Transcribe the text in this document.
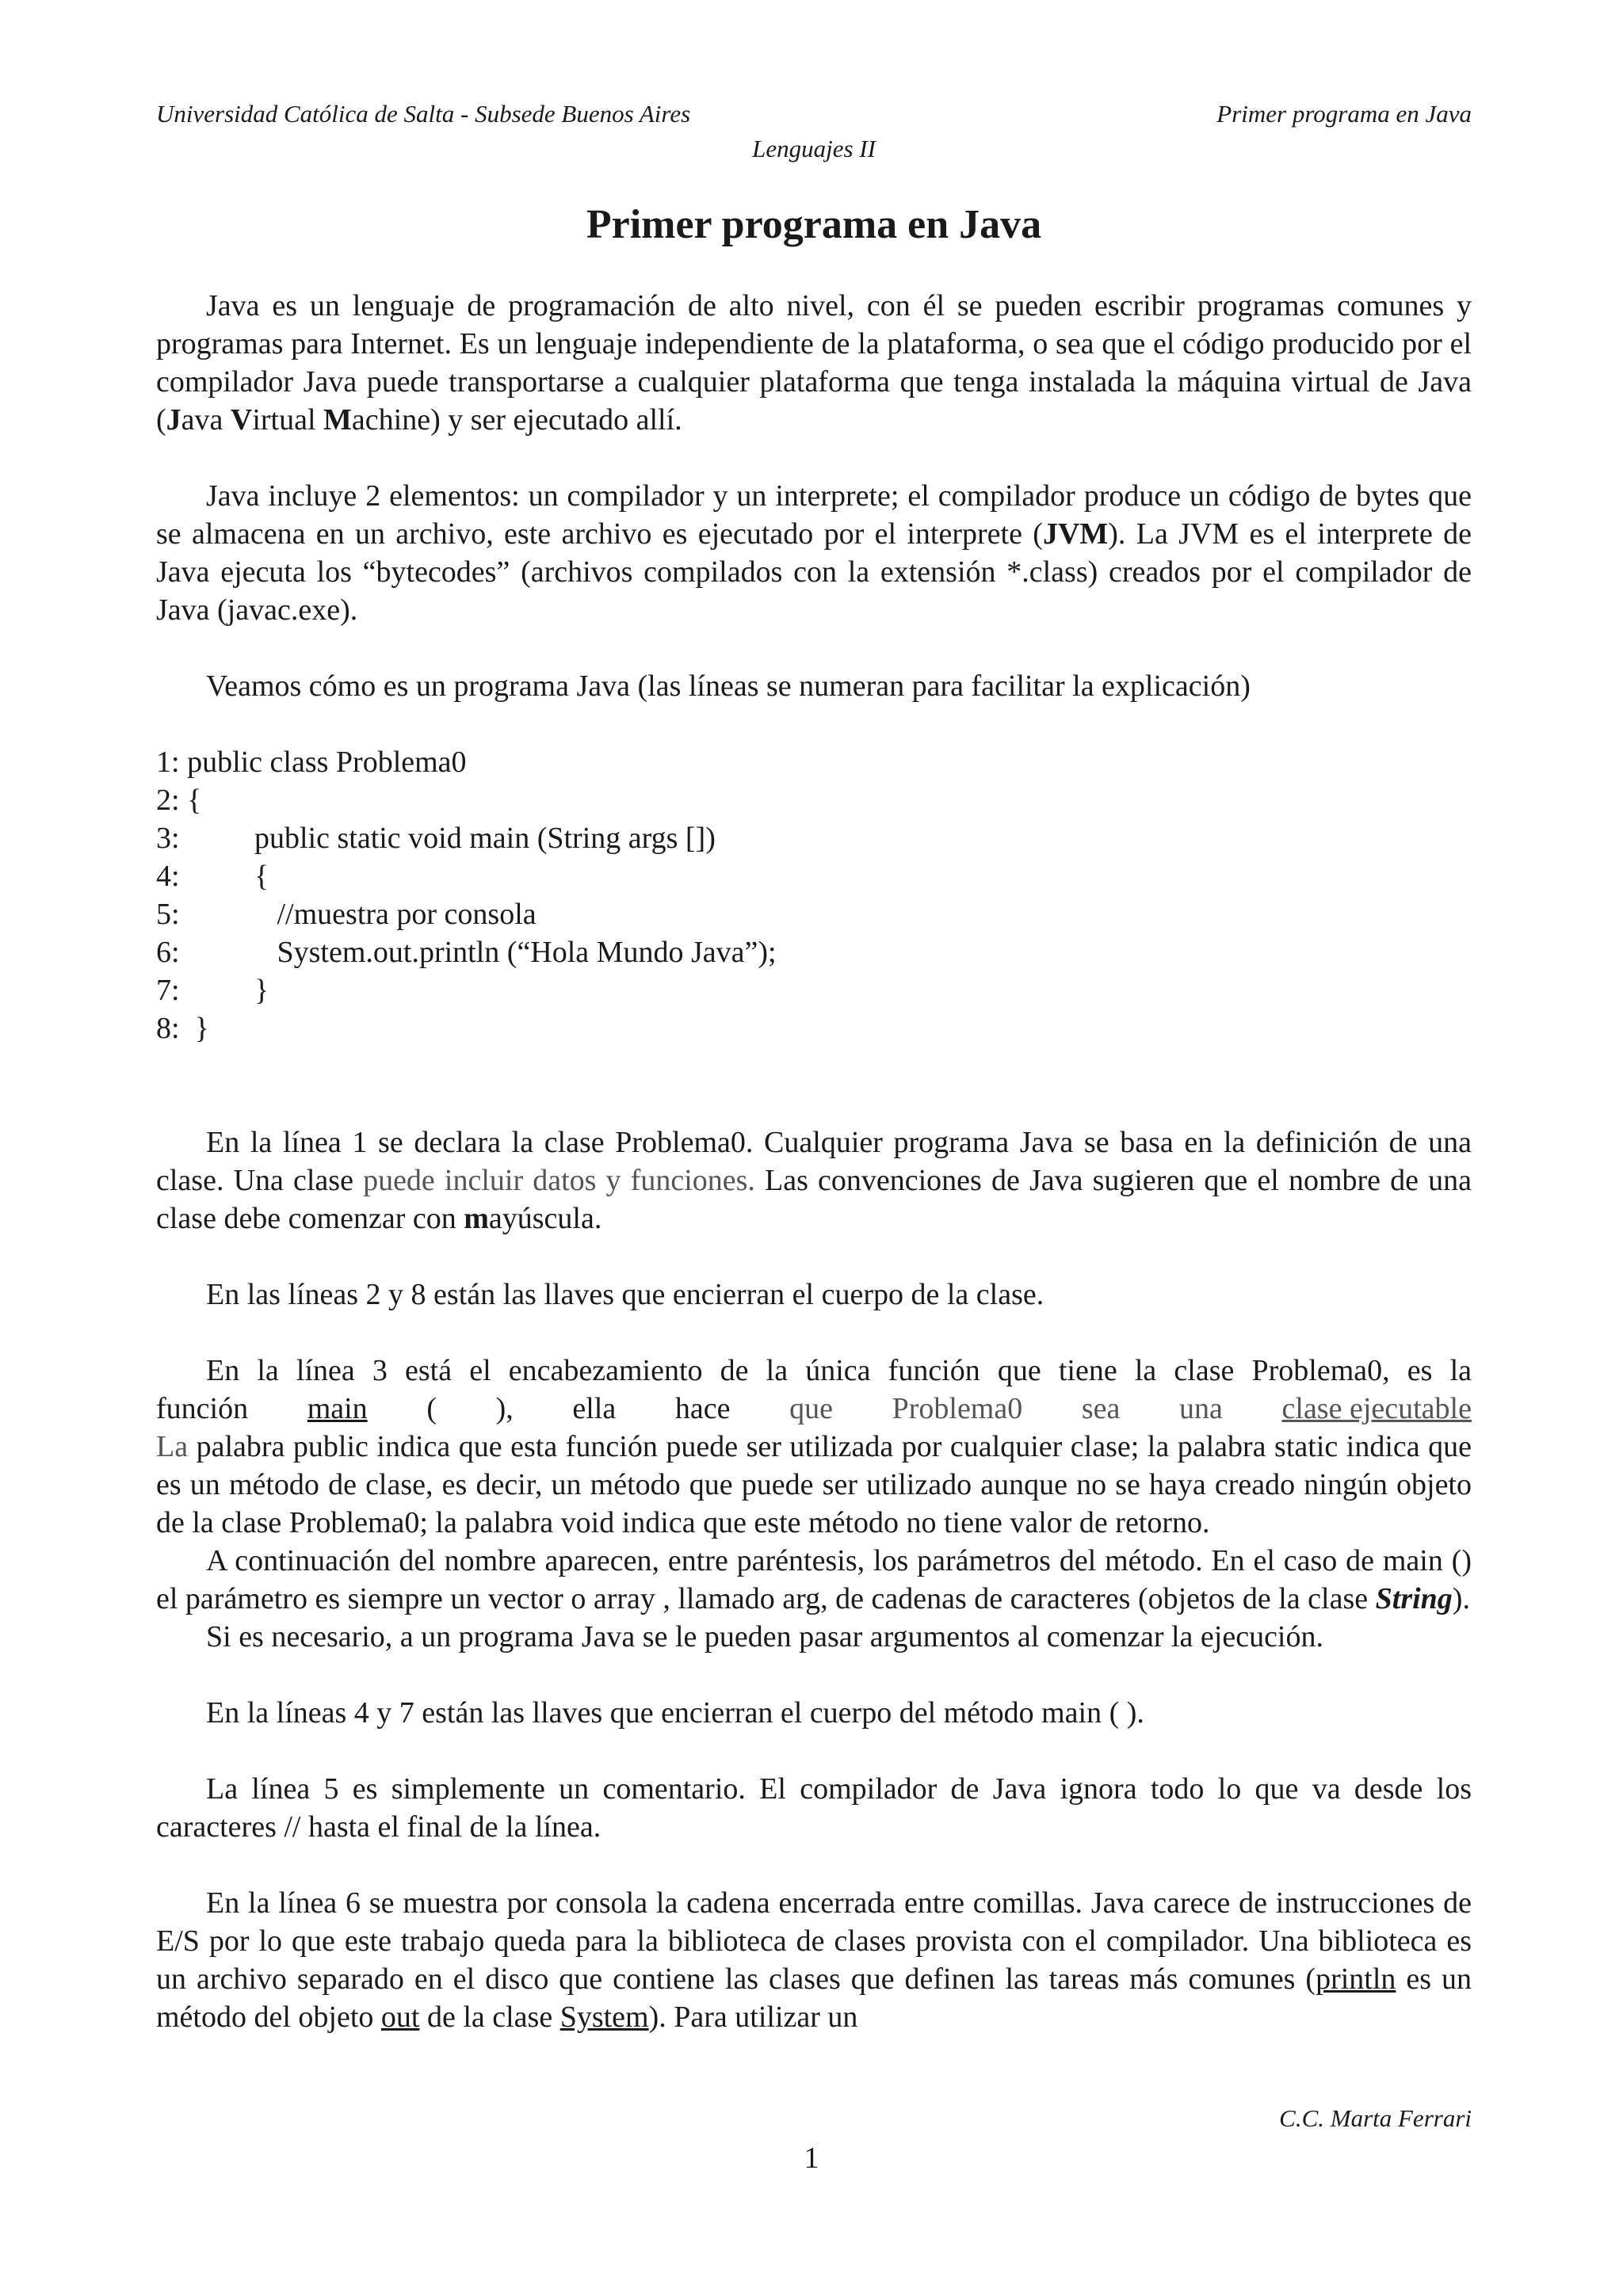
Universidad Católica de Salta - Subsede Buenos Aires	Primer programa en Java
Lenguajes II
Primer programa en Java

Java es un lenguaje de programación de alto nivel, con él se pueden escribir programas comunes y programas para Internet. Es un lenguaje independiente de la plataforma, o sea que el código producido por el compilador Java puede transportarse a cualquier plataforma que tenga instalada la máquina virtual de Java (Java Virtual Machine) y ser ejecutado allí.

Java incluye 2 elementos: un compilador y un interprete; el compilador produce un código de bytes que se almacena en un archivo, este archivo es ejecutado por el interprete (JVM). La JVM es el interprete de Java ejecuta los “bytecodes” (archivos compilados con la extensión *.class) creados por el compilador de Java (javac.exe).

Veamos cómo es un programa Java (las líneas se numeran para facilitar la explicación)

1: public class Problema0
2: {
3:	public static void main (String args [])
4:	{
5:	//muestra por consola
6:	System.out.println (“Hola Mundo Java”);
7:	}
8: }

En la línea 1 se declara la clase Problema0. Cualquier programa Java se basa en la definición de una clase. Una clase puede incluir datos y funciones. Las convenciones de Java sugieren que el nombre de una clase debe comenzar con mayúscula.

En las líneas 2 y 8 están las llaves que encierran el cuerpo de la clase.

En la línea 3 está el encabezamiento de la única función que tiene la clase Problema0, es la

función main ( ), ella hace que Problema0 sea una clase ejecutable

La palabra public indica que esta función puede ser utilizada por cualquier clase; la palabra static indica que es un método de clase, es decir, un método que puede ser utilizado aunque no se haya creado ningún objeto de la clase Problema0; la palabra void indica que este método no tiene valor de retorno.

A continuación del nombre aparecen, entre paréntesis, los parámetros del método. En el caso de main () el parámetro es siempre un vector o array , llamado arg, de cadenas de caracteres (objetos de la clase String).

Si es necesario, a un programa Java se le pueden pasar argumentos al comenzar la ejecución.

En la líneas 4 y 7 están las llaves que encierran el cuerpo del método main ( ).

La línea 5 es simplemente un comentario. El compilador de Java ignora todo lo que va desde los caracteres // hasta el final de la línea.

En la línea 6 se muestra por consola la cadena encerrada entre comillas. Java carece de instrucciones de E/S por lo que este trabajo queda para la biblioteca de clases provista con el compilador. Una biblioteca es un archivo separado en el disco que contiene las clases que definen las tareas más comunes (println es un método del objeto out de la clase System). Para utilizar un

C.C. Marta Ferrari
1
